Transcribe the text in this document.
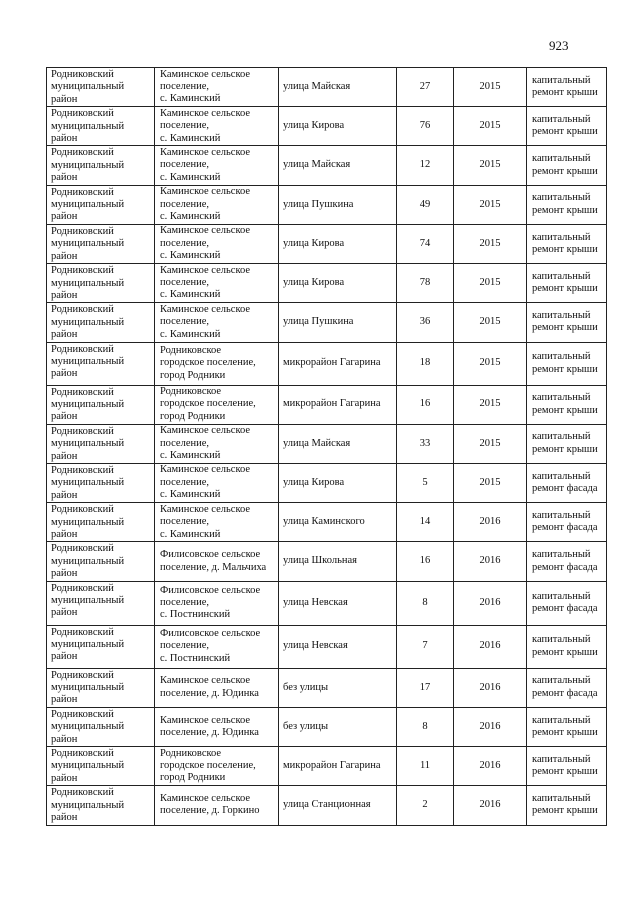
923
Родниковский
муниципальный
район	Каминское сельское
поселение,
с. Каминский	улица Майская	27	2015	капитальный
ремонт крыши

Родниковский
муниципальный
район	Каминское сельское
поселение,
с. Каминский	улица Кирова	76	2015	капитальный
ремонт крыши

Родниковский
муниципальный
район	Каминское сельское
поселение,
с. Каминский	улица Майская	12	2015	капитальный
ремонт крыши

Родниковский
муниципальный
район	Каминское сельское
поселение,
с. Каминский	улица Пушкина	49	2015	капитальный
ремонт крыши

Родниковский
муниципальный
район	Каминское сельское
поселение,
с. Каминский	улица Кирова	74	2015	капитальный
ремонт крыши

Родниковский
муниципальный
район	Каминское сельское
поселение,
с. Каминский	улица Кирова	78	2015	капитальный
ремонт крыши

Родниковский
муниципальный
район	Каминское сельское
поселение,
с. Каминский	улица Пушкина	36	2015	капитальный
ремонт крыши

Родниковский
муниципальный
район	Родниковское
городское поселение,
город Родники	микрорайон Гагарина	18	2015	капитальный
ремонт крыши

Родниковский
муниципальный
район	Родниковское
городское поселение,
город Родники	микрорайон Гагарина	16	2015	капитальный
ремонт крыши

Родниковский
муниципальный
район	Каминское сельское
поселение,
с. Каминский	улица Майская	33	2015	капитальный
ремонт крыши

Родниковский
муниципальный
район	Каминское сельское
поселение,
с. Каминский	улица Кирова	5	2015	капитальный
ремонт фасада

Родниковский
муниципальный
район	Каминское сельское
поселение,
с. Каминский	улица Каминского	14	2016	капитальный
ремонт фасада

Родниковский
муниципальный
район	Филисовское сельское
поселение, д. Мальчиха	улица Школьная	16	2016	капитальный
ремонт фасада

Родниковский
муниципальный
район	Филисовское сельское
поселение,
с. Постнинский	улица Невская	8	2016	капитальный
ремонт фасада

Родниковский
муниципальный
район	Филисовское сельское
поселение,
с. Постнинский	улица Невская	7	2016	капитальный
ремонт крыши

Родниковский
муниципальный
район	Каминское сельское
поселение, д. Юдинка	без улицы	17	2016	капитальный
ремонт фасада

Родниковский
муниципальный
район	Каминское сельское
поселение, д. Юдинка	без улицы	8	2016	капитальный
ремонт крыши

Родниковский
муниципальный
район	Родниковское
городское поселение,
город Родники	микрорайон Гагарина	11	2016	капитальный
ремонт крыши

Родниковский
муниципальный
район	Каминское сельское
поселение, д. Горкино	улица Станционная	2	2016	капитальный
ремонт крыши
